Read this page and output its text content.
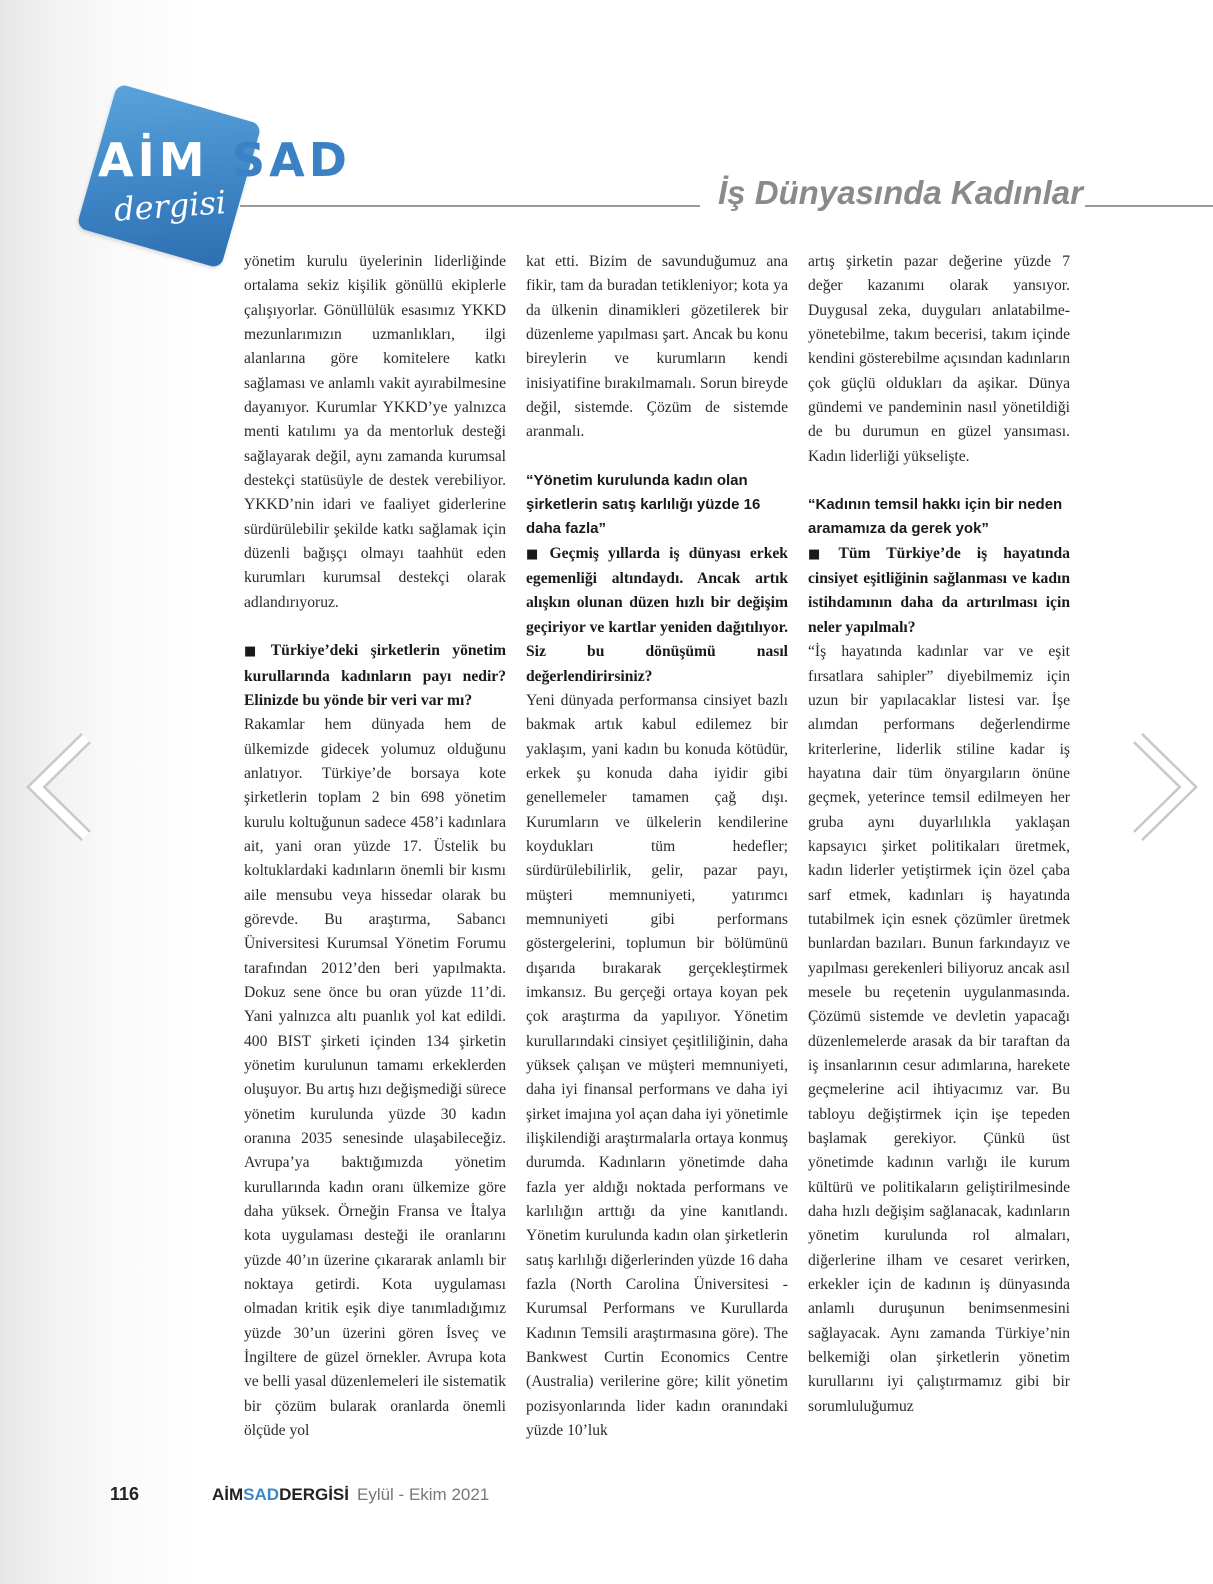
AİM SAD
dergisi	İş Dünyasında Kadınlar

yönetim kurulu üyelerinin liderliğinde ortalama sekiz kişilik gönüllü ekiplerle çalışıyorlar. Gönüllülük esasımız YKKD mezunlarımızın uzmanlıkları, ilgi alanlarına göre komitelere katkı sağlaması ve anlamlı vakit ayırabilmesine dayanıyor. Kurumlar YKKD’ye yalnızca menti katılımı ya da mentorluk desteği sağlayarak değil, aynı zamanda kurumsal destekçi statüsüyle de destek verebiliyor. YKKD’nin idari ve faaliyet giderlerine sürdürülebilir şekilde katkı sağlamak için düzenli bağışçı olmayı taahhüt eden kurumları kurumsal destekçi olarak adlandırıyoruz.

■ Türkiye’deki şirketlerin yönetim kurullarında kadınların payı nedir? Elinizde bu yönde bir veri var mı?

Rakamlar hem dünyada hem de ülkemizde gidecek yolumuz olduğunu anlatıyor. Türkiye’de borsaya kote şirketlerin toplam 2 bin 698 yönetim kurulu koltuğunun sadece 458’i kadınlara ait, yani oran yüzde 17. Üstelik bu koltuklardaki kadınların önemli bir kısmı aile mensubu veya hissedar olarak bu görevde. Bu araştırma, Sabancı Üniversitesi Kurumsal Yönetim Forumu tarafından 2012’den beri yapılmakta. Dokuz sene önce bu oran yüzde 11’di. Yani yalnızca altı puanlık yol kat edildi. 400 BIST şirketi içinden 134 şirketin yönetim kurulunun tamamı erkeklerden oluşuyor. Bu artış hızı değişmediği sürece yönetim kurulunda yüzde 30 kadın oranına 2035 senesinde ulaşabileceğiz. Avrupa’ya baktığımızda yönetim kurullarında kadın oranı ülkemize göre daha yüksek. Örneğin Fransa ve İtalya kota uygulaması desteği ile oranlarını yüzde 40’ın üzerine çıkararak anlamlı bir noktaya getirdi. Kota uygulaması olmadan kritik eşik diye tanımladığımız yüzde 30’un üzerini gören İsveç ve İngiltere de güzel örnekler. Avrupa kota ve belli yasal düzenlemeleri ile sistematik bir çözüm bularak oranlarda önemli ölçüde yol

kat etti. Bizim de savunduğumuz ana fikir, tam da buradan tetikleniyor; kota ya da ülkenin dinamikleri gözetilerek bir düzenleme yapılması şart. Ancak bu konu bireylerin ve kurumların kendi inisiyatifine bırakılmamalı. Sorun bireyde değil, sistemde. Çözüm de sistemde aranmalı.

“Yönetim kurulunda kadın olan şirketlerin satış karlılığı yüzde 16 daha fazla”

■ Geçmiş yıllarda iş dünyası erkek egemenliği altındaydı. Ancak artık alışkın olunan düzen hızlı bir değişim geçiriyor ve kartlar yeniden dağıtılıyor. Siz bu dönüşümü nasıl değerlendirirsiniz?

Yeni dünyada performansa cinsiyet bazlı bakmak artık kabul edilemez bir yaklaşım, yani kadın bu konuda kötüdür, erkek şu konuda daha iyidir gibi genellemeler tamamen çağ dışı. Kurumların ve ülkelerin kendilerine koydukları tüm hedefler; sürdürülebilirlik, gelir, pazar payı, müşteri memnuniyeti, yatırımcı memnuniyeti gibi performans göstergelerini, toplumun bir bölümünü dışarıda bırakarak gerçekleştirmek imkansız. Bu gerçeği ortaya koyan pek çok araştırma da yapılıyor. Yönetim kurullarındaki cinsiyet çeşitliliğinin, daha yüksek çalışan ve müşteri memnuniyeti, daha iyi finansal performans ve daha iyi şirket imajına yol açan daha iyi yönetimle ilişkilendiği araştırmalarla ortaya konmuş durumda. Kadınların yönetimde daha fazla yer aldığı noktada performans ve karlılığın arttığı da yine kanıtlandı. Yönetim kurulunda kadın olan şirketlerin satış karlılığı diğerlerinden yüzde 16 daha fazla (North Carolina Üniversitesi - Kurumsal Performans ve Kurullarda Kadının Temsili araştırmasına göre). The Bankwest Curtin Economics Centre (Australia) verilerine göre; kilit yönetim pozisyonlarında lider kadın oranındaki yüzde 10’luk

artış şirketin pazar değerine yüzde 7 değer kazanımı olarak yansıyor. Duygusal zeka, duyguları anlatabilme-yönetebilme, takım becerisi, takım içinde kendini gösterebilme açısından kadınların çok güçlü oldukları da aşikar. Dünya gündemi ve pandeminin nasıl yönetildiği de bu durumun en güzel yansıması. Kadın liderliği yükselişte.

“Kadının temsil hakkı için bir neden aramamıza da gerek yok”

■ Tüm Türkiye’de iş hayatında cinsiyet eşitliğinin sağlanması ve kadın istihdamının daha da artırılması için neler yapılmalı?

“İş hayatında kadınlar var ve eşit fırsatlara sahipler” diyebilmemiz için uzun bir yapılacaklar listesi var. İşe alımdan performans değerlendirme kriterlerine, liderlik stiline kadar iş hayatına dair tüm önyargıların önüne geçmek, yeterince temsil edilmeyen her gruba aynı duyarlılıkla yaklaşan kapsayıcı şirket politikaları üretmek, kadın liderler yetiştirmek için özel çaba sarf etmek, kadınları iş hayatında tutabilmek için esnek çözümler üretmek bunlardan bazıları. Bunun farkındayız ve yapılması gerekenleri biliyoruz ancak asıl mesele bu reçetenin uygulanmasında. Çözümü sistemde ve devletin yapacağı düzenlemelerde arasak da bir taraftan da iş insanlarının cesur adımlarına, harekete geçmelerine acil ihtiyacımız var. Bu tabloyu değiştirmek için işe tepeden başlamak gerekiyor. Çünkü üst yönetimde kadının varlığı ile kurum kültürü ve politikaların geliştirilmesinde daha hızlı değişim sağlanacak, kadınların yönetim kurulunda rol almaları, diğerlerine ilham ve cesaret verirken, erkekler için de kadının iş dünyasında anlamlı duruşunun benimsenmesini sağlayacak. Aynı zamanda Türkiye’nin belkemiği olan şirketlerin yönetim kurullarını iyi çalıştırmamız gibi bir sorumluluğumuz

116	AİMSADDERGİSİ Eylül - Ekim 2021
